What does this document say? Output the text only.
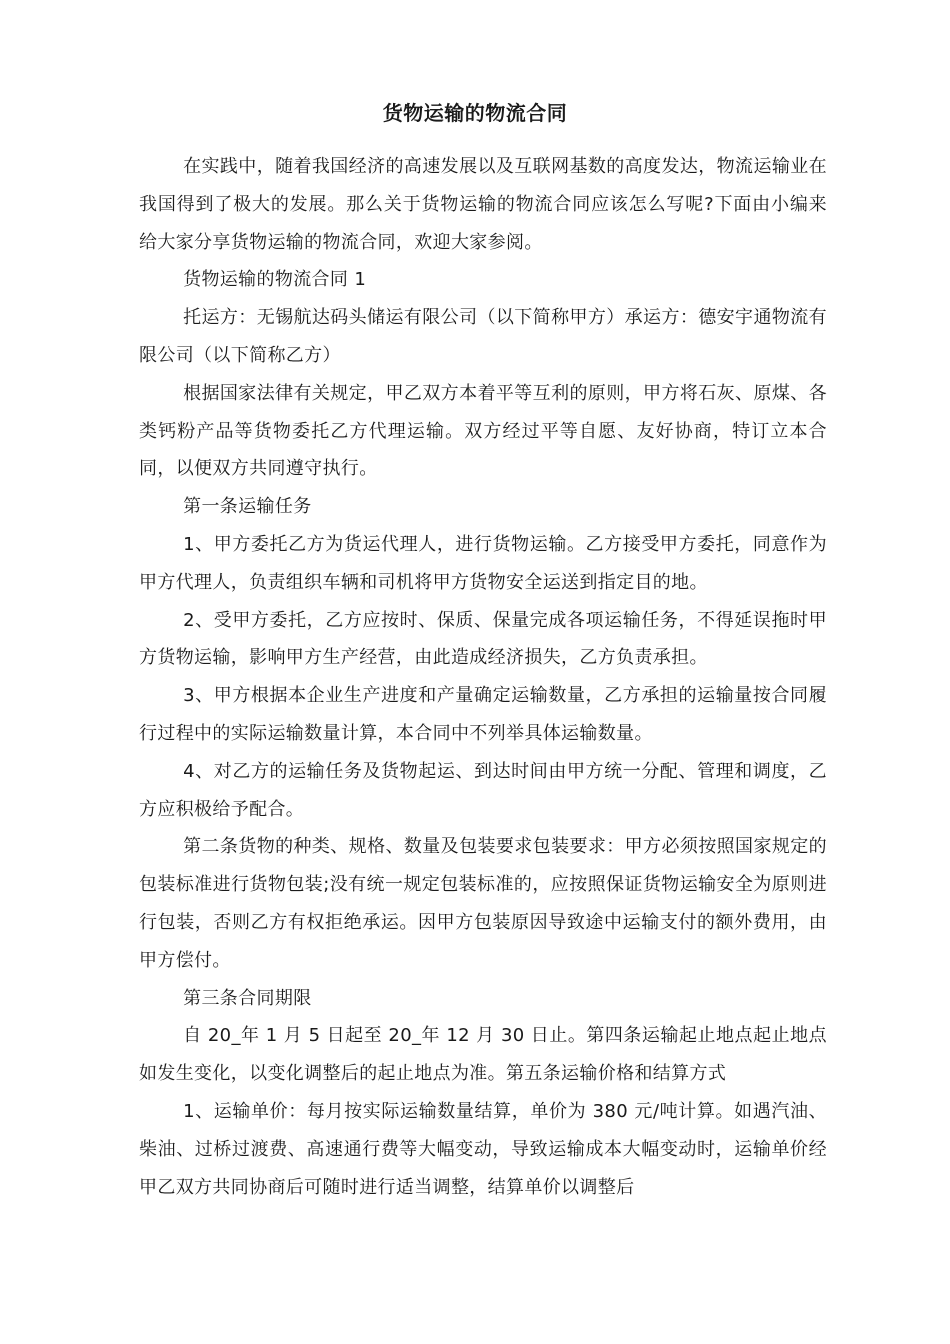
货物运输的物流合同

在实践中，随着我国经济的高速发展以及互联网基数的高度发达，物流运输业在我国得到了极大的发展。那么关于货物运输的物流合同应该怎么写呢?下面由小编来给大家分享货物运输的物流合同，欢迎大家参阅。

货物运输的物流合同 1

托运方：无锡航达码头储运有限公司（以下简称甲方）承运方：德安宇通物流有限公司（以下简称乙方）

根据国家法律有关规定，甲乙双方本着平等互利的原则，甲方将石灰、原煤、各类钙粉产品等货物委托乙方代理运输。双方经过平等自愿、友好协商，特订立本合同，以便双方共同遵守执行。

第一条运输任务

1、甲方委托乙方为货运代理人，进行货物运输。乙方接受甲方委托，同意作为甲方代理人，负责组织车辆和司机将甲方货物安全运送到指定目的地。

2、受甲方委托，乙方应按时、保质、保量完成各项运输任务，不得延误拖时甲方货物运输，影响甲方生产经营，由此造成经济损失，乙方负责承担。

3、甲方根据本企业生产进度和产量确定运输数量，乙方承担的运输量按合同履行过程中的实际运输数量计算，本合同中不列举具体运输数量。

4、对乙方的运输任务及货物起运、到达时间由甲方统一分配、管理和调度，乙方应积极给予配合。

第二条货物的种类、规格、数量及包装要求包装要求：甲方必须按照国家规定的包装标准进行货物包装;没有统一规定包装标准的，应按照保证货物运输安全为原则进行包装，否则乙方有权拒绝承运。因甲方包装原因导致途中运输支付的额外费用，由甲方偿付。

第三条合同期限

自 20_年 1 月 5 日起至 20_年 12 月 30 日止。第四条运输起止地点起止地点如发生变化，以变化调整后的起止地点为准。第五条运输价格和结算方式

1、运输单价：每月按实际运输数量结算，单价为 380 元/吨计算。如遇汽油、柴油、过桥过渡费、高速通行费等大幅变动，导致运输成本大幅变动时，运输单价经甲乙双方共同协商后可随时进行适当调整，结算单价以调整后
